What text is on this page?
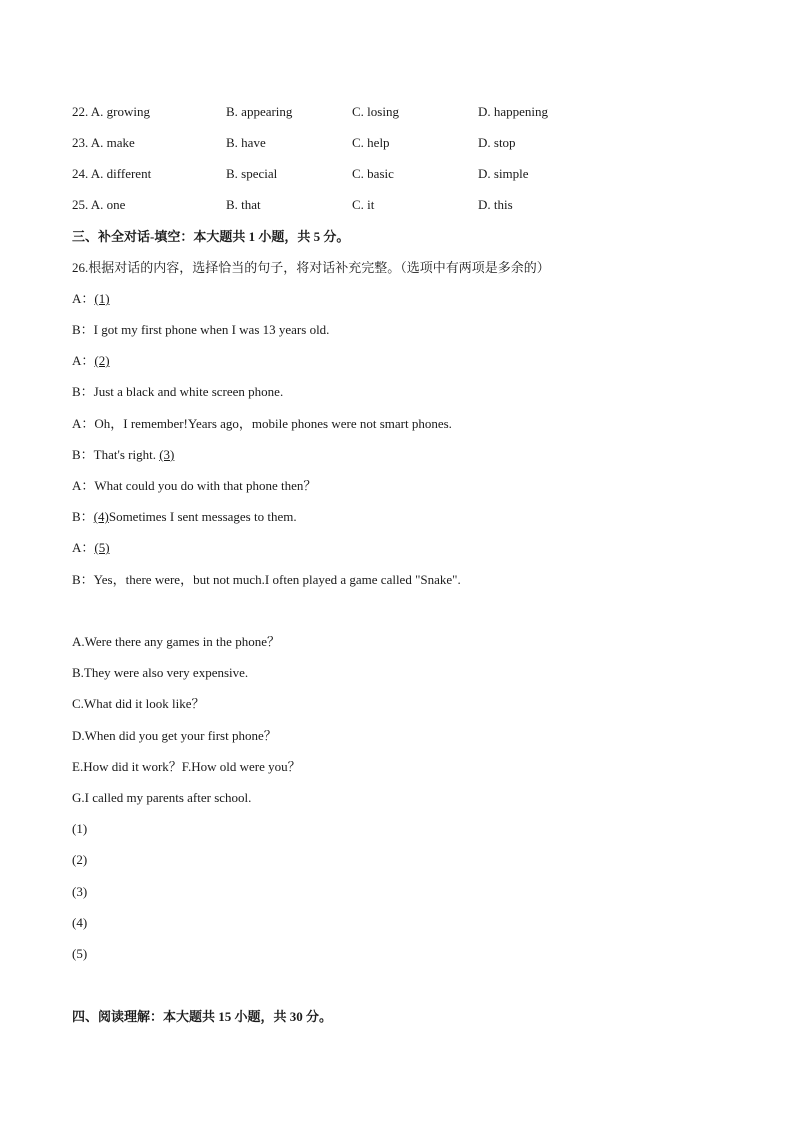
22. A. growing	B. appearing	C. losing	D. happening
23. A. make	B. have	C. help	D. stop
24. A. different	B. special	C. basic	D. simple
25. A. one	B. that	C. it	D. this
三、补全对话-填空：本大题共 1 小题，共 5 分。
26.根据对话的内容，选择恰当的句子，将对话补充完整。（选项中有两项是多余的）
A：(1)
B：I got my first phone when I was 13 years old.
A：(2)
B：Just a black and white screen phone.
A：Oh，I remember!Years ago，mobile phones were not smart phones.
B：That's right. (3)
A：What could you do with that phone then？
B：(4)Sometimes I sent messages to them.
A：(5)
B：Yes，there were，but not much.I often played a game called "Snake".
A.Were there any games in the phone？
B.They were also very expensive.
C.What did it look like？
D.When did you get your first phone？
E.How did it work？F.How old were you？
G.I called my parents after school.
(1)
(2)
(3)
(4)
(5)
四、阅读理解：本大题共 15 小题，共 30 分。
